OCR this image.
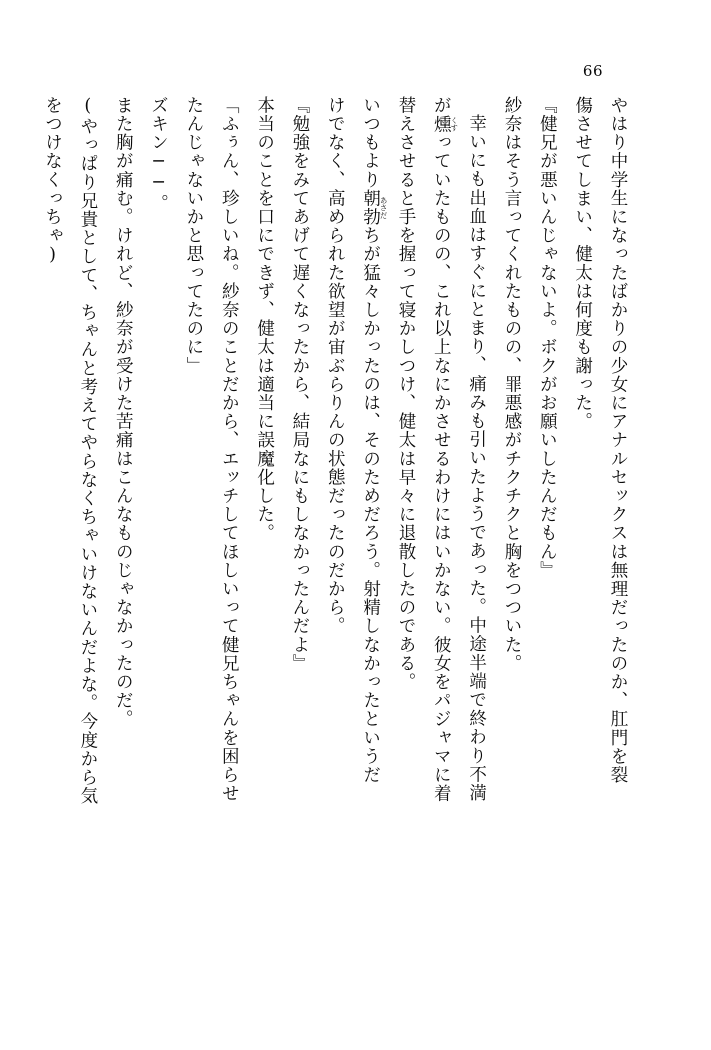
66

やはり中学生になったばかりの少女にアナルセックスは無理だったのか、肛門を裂

傷させてしまい、健太は何度も謝った。

『健兄が悪いんじゃないよ。ボクがお願いしたんだもん』

紗奈はそう言ってくれたものの、罪悪感がチクチクと胸をつついた。

幸いにも出血はすぐにとまり、痛みも引いたようであった。中途半端で終わり不満

が燻くすっていたものの、これ以上なにかさせるわけにはいかない。彼女をパジャマに着

替えさせると手を握って寝かしつけ、健太は早々に退散したのである。

いつもより朝勃あさだちが猛々しかったのは、そのためだろう。射精しなかったというだ

けでなく、高められた欲望が宙ぶらりんの状態だったのだから。

『勉強をみてあげて遅くなったから、結局なにもしなかったんだよ』

本当のことを口にできず、健太は適当に誤魔化した。

「ふぅん、珍しいね。紗奈のことだから、エッチしてほしいって健兄ちゃんを困らせ

たんじゃないかと思ってたのに」

ズキン──。

また胸が痛む。けれど、紗奈が受けた苦痛はこんなものじゃなかったのだ。

(やっぱり兄貴として、ちゃんと考えてやらなくちゃいけないんだよな。今度から気

をつけなくっちゃ)
